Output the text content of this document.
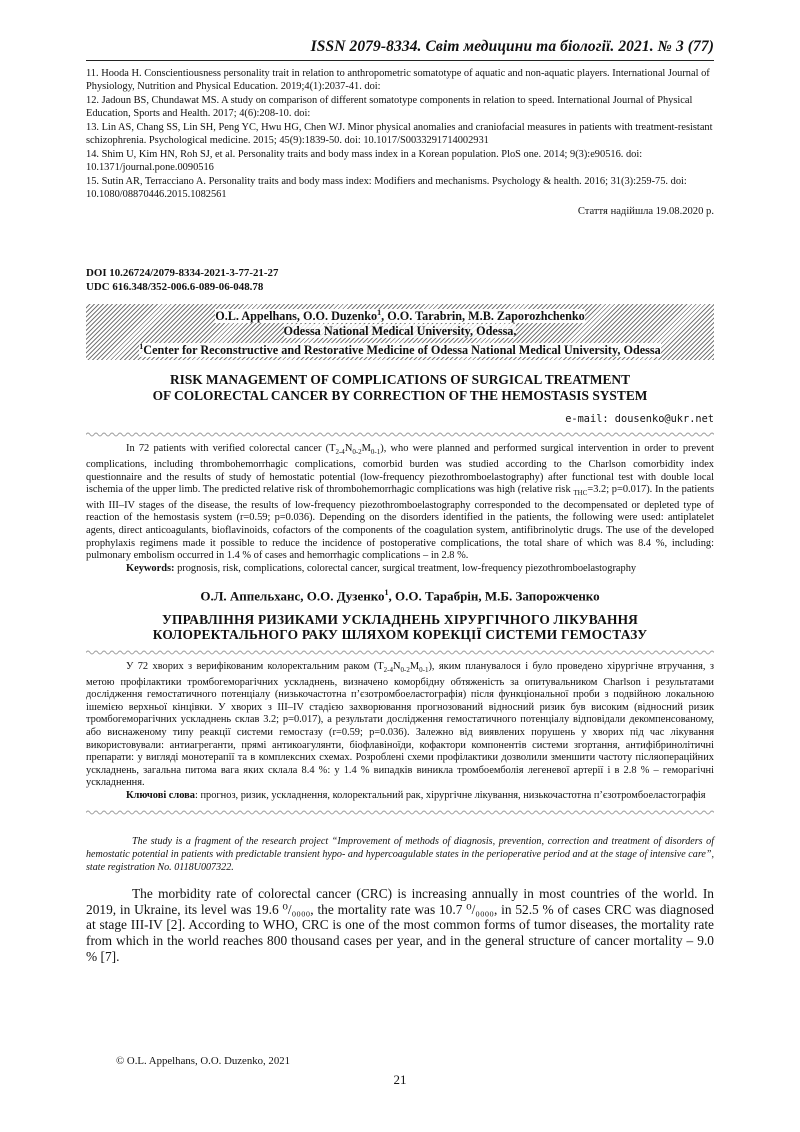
ISSN 2079-8334. Світ медицини та біології. 2021. № 3 (77)

11. Hooda H. Conscientiousness personality trait in relation to anthropometric somatotype of aquatic and non-aquatic players. International Journal of Physiology, Nutrition and Physical Education. 2019;4(1):2037-41. doi:

12. Jadoun BS, Chundawat MS. A study on comparison of different somatotype components in relation to speed. International Journal of Physical Education, Sports and Health. 2017; 4(6):208-10. doi:

13. Lin AS, Chang SS, Lin SH, Peng YC, Hwu HG, Chen WJ. Minor physical anomalies and craniofacial measures in patients with treatment-resistant schizophrenia. Psychological medicine. 2015; 45(9):1839-50. doi: 10.1017/S0033291714002931

14. Shim U, Kim HN, Roh SJ, et al. Personality traits and body mass index in a Korean population. PloS one. 2014; 9(3):e90516. doi: 10.1371/journal.pone.0090516

15. Sutin AR, Terracciano A. Personality traits and body mass index: Modifiers and mechanisms. Psychology & health. 2016; 31(3):259-75. doi: 10.1080/08870446.2015.1082561

Стаття надійшла 19.08.2020 р.
DOI 10.26724/2079-8334-2021-3-77-21-27
UDC 616.348/352-006.6-089-06-048.78
O.L. Appelhans, O.O. Duzenko$^1$, O.O. Tarabrin, M.B. Zaporozhchenko
Odessa National Medical University, Odessa,
$^1$Center for Reconstructive and Restorative Medicine of Odessa National Medical University, Odessa
RISK MANAGEMENT OF COMPLICATIONS OF SURGICAL TREATMENT
OF COLORECTAL CANCER BY CORRECTION OF THE HEMOSTASIS SYSTEM
e-mail: dousenko@ukr.net

In 72 patients with verified colorectal cancer $(T_{2-4}N_{0-2}M_{0-1})$, who were planned and performed surgical intervention in order to prevent complications, including thrombohemorrhagic complications, comorbid burden was studied according to the Charlson comorbidity index questionnaire and the results of study of hemostatic potential (low-frequency piezothromboelastography) after functional test with double local ischemia of the upper limb. The predicted relative risk of thrombohemorrhagic complications was high (relative risk $_{THC}$=3.2; p=0.017). In the patients with III–IV stages of the disease, the results of low-frequency piezothromboelastography corresponded to the decompensated or depleted type of reaction of the hemostasis system (r=0.59; p=0.036). Depending on the disorders identified in the patients, the following were used: antiplatelet agents, direct anticoagulants, bioflavinoids, cofactors of the components of the coagulation system, antifibrinolytic drugs. The use of the developed prophylaxis regimens made it possible to reduce the incidence of postoperative complications, the total share of which was 8.4 %, including: pulmonary embolism occurred in 1.4 % of cases and hemorrhagic complications – in 2.8 %.

Keywords: prognosis, risk, complications, colorectal cancer, surgical treatment, low-frequency piezothromboelastography

О.Л. Аппельханс, О.О. Дузенко$^1$, О.О. Тарабрін, М.Б. Запорожченко
УПРАВЛІННЯ РИЗИКАМИ УСКЛАДНЕНЬ ХІРУРГІЧНОГО ЛІКУВАННЯ
КОЛОРЕКТАЛЬНОГО РАКУ ШЛЯХОМ КОРЕКЦІЇ СИСТЕМИ ГЕМОСТАЗУ

У 72 хворих з верифікованим колоректальним раком $(T_{2-4}N_{0-2}M_{0-1})$, яким планувалося і було проведено хірургічне втручання, з метою профілактики тромбогеморагічних ускладнень, визначено коморбідну обтяженість за опитувальником Charlson і результатами дослідження гемостатичного потенціалу (низькочастотна п’єзотромбоеластографія) після функціональної проби з подвійною локальною ішемією верхньої кінцівки. У хворих з III–IV стадією захворювання прогнозований відносний ризик був високим (відносний ризик тромбогеморагічних ускладнень склав 3.2; p=0.017), а результати дослідження гемостатичного потенціалу відповідали декомпенсованому, або виснаженому типу реакції системи гемостазу (r=0.59; p=0.036). Залежно від виявлених порушень у хворих під час лікування використовували: антиагреганти, прямі антикоагулянти, біофлавіноїди, кофактори компонентів системи згортання, антифібринолітичні препарати: у вигляді монотерапії та в комплексних схемах. Розроблені схеми профілактики дозволили зменшити частоту післяопераційних ускладнень, загальна питома вага яких склала 8.4 %: у 1.4 % випадків виникла тромбоемболія легеневої артерії і в 2.8 % – геморагічні ускладнення.

Ключові слова: прогноз, ризик, ускладнення, колоректальний рак, хірургічне лікування, низькочастотна п’єзотромбоеластографія

The study is a fragment of the research project “Improvement of methods of diagnosis, prevention, correction and treatment of disorders of hemostatic potential in patients with predictable transient hypo- and hypercoagulable states in the perioperative period and at the stage of intensive care”, state registration No. 0118U007322.

The morbidity rate of colorectal cancer (CRC) is increasing annually in most countries of the world. In 2019, in Ukraine, its level was 19.6 ⁰/₀₀₀₀, the mortality rate was 10.7 ⁰/₀₀₀₀, in 52.5 % of cases CRC was diagnosed at stage III-IV [2]. According to WHO, CRC is one of the most common forms of tumor diseases, the mortality rate from which in the world reaches 800 thousand cases per year, and in the general structure of cancer mortality – 9.0 % [7].

© O.L. Appelhans, O.O. Duzenko, 2021
21
